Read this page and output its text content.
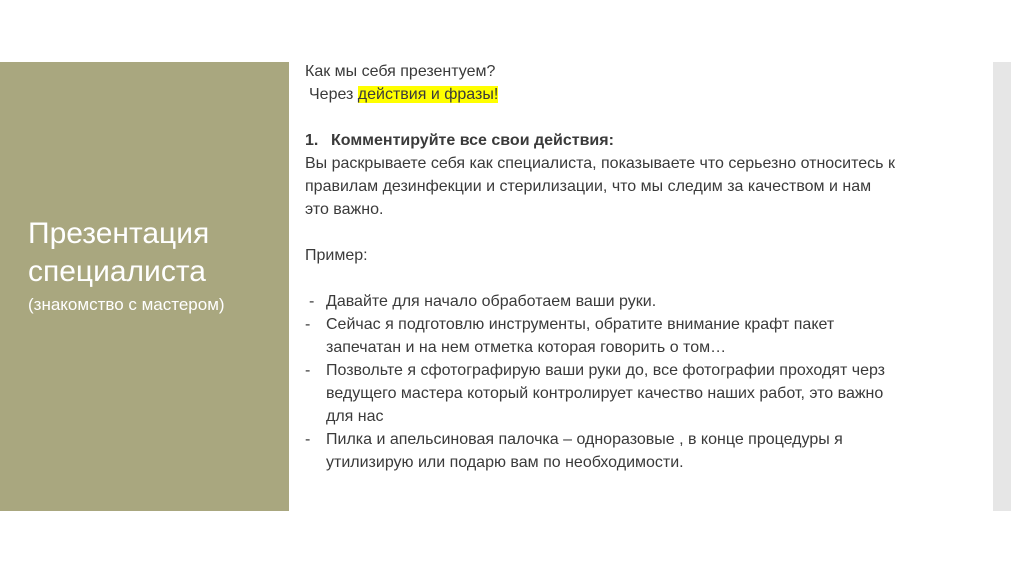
Презентация
специалиста
(знакомство с мастером)

Как мы себя презентуем?

Через действия и фразы!

1. Комментируйте все свои действия:

Вы раскрываете себя как специалиста, показываете что серьезно относитесь к

правилам дезинфекции и стерилизации, что мы следим за качеством и нам

это важно.

Пример:

- Давайте для начало обработаем ваши руки.

- Сейчас я подготовлю инструменты, обратите внимание крафт пакет

запечатан и на нем отметка которая говорить о том…

- Позвольте я сфотографирую ваши руки до, все фотографии проходят черз

ведущего мастера который контролирует качество наших работ, это важно

для нас

- Пилка и апельсиновая палочка – одноразовые , в конце процедуры я

утилизирую или подарю вам по необходимости.
